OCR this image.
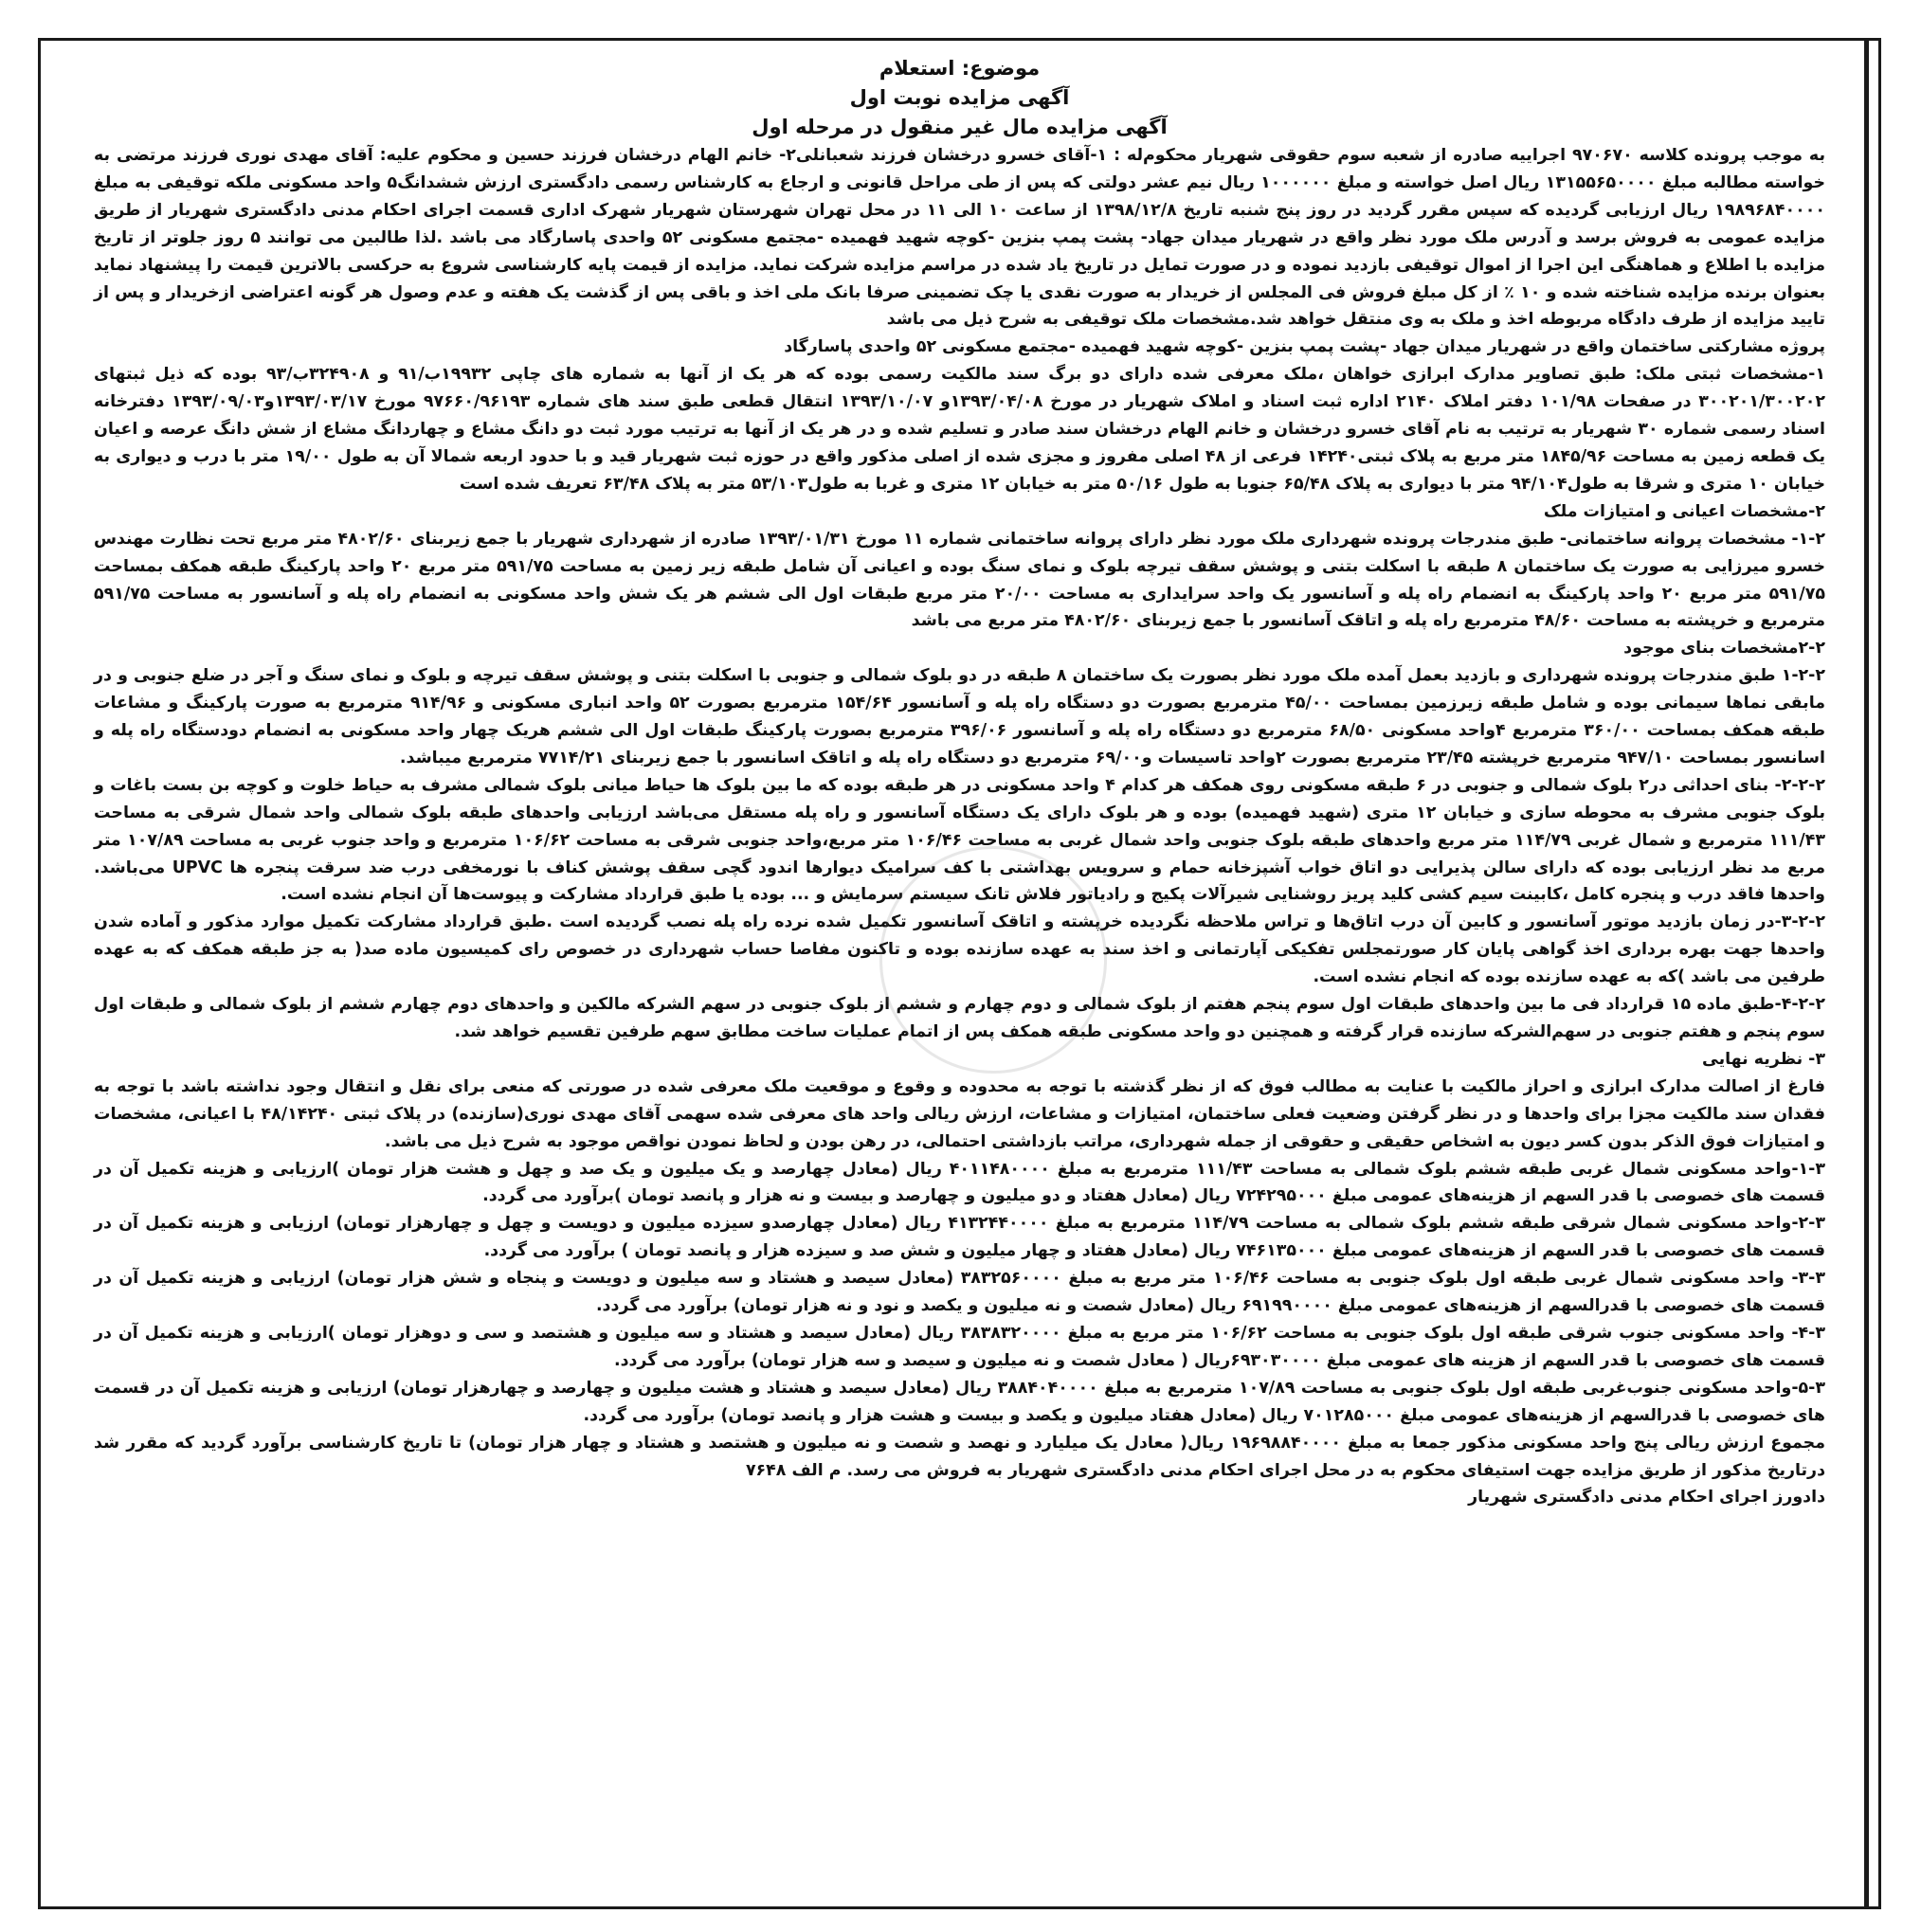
موضوع: استعلام

آگهی مزایده نوبت اول

آگهی مزایده مال غیر منقول در مرحله اول

به موجب پرونده کلاسه ۹۷۰۶۷۰ اجراییه صادره از شعبه سوم حقوقی شهریار محکوم‌له : ۱-آقای خسرو درخشان فرزند شعبانلی۲- خانم الهام درخشان فرزند حسین و محکوم علیه: آقای مهدی نوری فرزند مرتضی به خواسته مطالبه مبلغ ۱۳۱۵۵۶۵۰۰۰۰ ریال اصل خواسته و مبلغ ۱۰۰۰۰۰۰ ریال نیم عشر دولتی که پس از طی مراحل قانونی و ارجاع به کارشناس رسمی دادگستری ارزش ششدانگ۵ واحد مسکونی ملکه توقیفی به مبلغ ۱۹۸۹۶۸۴۰۰۰۰ ریال ارزیابی گردیده که سپس مقرر گردید در روز پنج شنبه تاریخ ۱۳۹۸/۱۲/۸ از ساعت ۱۰ الی ۱۱ در محل تهران شهرستان شهریار شهرک اداری قسمت اجرای احکام مدنی دادگستری شهریار از طریق مزایده عمومی به فروش برسد و آدرس ملک مورد نظر واقع در شهریار میدان جهاد- پشت پمپ بنزین -کوچه شهید فهمیده -مجتمع مسکونی ۵۲ واحدی پاسارگاد می باشد .لذا طالبین می توانند ۵ روز جلوتر از تاریخ مزایده با اطلاع و هماهنگی این اجرا از اموال توقیفی بازدید نموده و در صورت تمایل در تاریخ یاد شده در مراسم مزایده شرکت نماید. مزایده از قیمت پایه کارشناسی شروع به حرکسی بالاترین قیمت را پیشنهاد نماید بعنوان برنده مزایده شناخته شده و ۱۰ ٪ از کل مبلغ فروش فی المجلس از خریدار به صورت نقدی یا چک تضمینی صرفا بانک ملی اخذ و باقی پس از گذشت یک هفته و عدم وصول هر گونه اعتراضی ازخریدار و پس از تایید مزایده از طرف دادگاه مربوطه اخذ و ملک به وی منتقل خواهد شد.مشخصات ملک توقیفی به شرح ذیل می باشد

پروژه مشارکتی ساختمان واقع در شهریار میدان جهاد -پشت پمپ بنزین -کوچه شهید فهمیده -مجتمع مسکونی ۵۲ واحدی پاسارگاد

۱-مشخصات ثبتی ملک: طبق تصاویر مدارک ابرازی خواهان ،ملک معرفی شده دارای دو برگ سند مالکیت رسمی بوده که هر یک از آنها به شماره های چاپی ۱۹۹۳۲ب/۹۱ و ۳۲۴۹۰۸ب/۹۳ بوده که ذیل ثبتهای ۳۰۰۲۰۱/۳۰۰۲۰۲ در صفحات ۱۰۱/۹۸ دفتر املاک ۲۱۴۰ اداره ثبت اسناد و املاک شهریار در مورخ ۱۳۹۳/۰۴/۰۸و ۱۳۹۳/۱۰/۰۷ انتقال قطعی طبق سند های شماره ۹۷۶۶۰/۹۶۱۹۳ مورخ ۱۳۹۳/۰۳/۱۷و۱۳۹۳/۰۹/۰۳ دفترخانه اسناد رسمی شماره ۳۰ شهریار به ترتیب به نام آقای خسرو درخشان و خانم الهام درخشان سند صادر و تسلیم شده و در هر یک از آنها به ترتیب مورد ثبت دو دانگ مشاع و چهاردانگ مشاع از شش دانگ عرصه و اعیان یک قطعه زمین به مساحت ۱۸۴۵/۹۶ متر مربع به پلاک ثبتی۱۴۲۴۰ فرعی از ۴۸ اصلی مفروز و مجزی شده از اصلی مذکور واقع در حوزه ثبت شهریار قید و با حدود اربعه شمالا آن به طول ۱۹/۰۰ متر با درب و دیواری به خیابان ۱۰ متری و شرقا به طول۹۴/۱۰۴ متر با دیواری به پلاک ۶۵/۴۸ جنوبا به طول ۵۰/۱۶ متر به خیابان ۱۲ متری و غربا به طول۵۳/۱۰۳ متر به پلاک ۶۳/۴۸ تعریف شده است

۲-مشخصات اعیانی و امتیازات ملک

۱-۲- مشخصات پروانه ساختمانی- طبق مندرجات پرونده شهرداری ملک مورد نظر دارای پروانه ساختمانی شماره ۱۱ مورخ ۱۳۹۳/۰۱/۳۱ صادره از شهرداری شهریار با جمع زیربنای ۴۸۰۲/۶۰ متر مربع تحت نظارت مهندس خسرو میرزایی به صورت یک ساختمان ۸ طبقه با اسکلت بتنی و پوشش سقف تیرچه بلوک و نمای سنگ بوده و اعیانی آن شامل طبقه زیر زمین به مساحت ۵۹۱/۷۵ متر مربع ۲۰ واحد پارکینگ طبقه همکف بمساحت ۵۹۱/۷۵ متر مربع ۲۰ واحد پارکینگ به انضمام راه پله و آسانسور یک واحد سرایداری به مساحت ۲۰/۰۰ متر مربع طبقات اول الی ششم هر یک شش واحد مسکونی به انضمام راه پله و آسانسور به مساحت ۵۹۱/۷۵ مترمربع و خرپشته به مساحت ۴۸/۶۰ مترمربع راه پله و اتاقک آسانسور با جمع زیربنای ۴۸۰۲/۶۰ متر مربع می باشد

۲-۲مشخصات بنای موجود

۱-۲-۲ طبق مندرجات پرونده شهرداری و بازدید بعمل آمده ملک مورد نظر بصورت یک ساختمان ۸ طبقه در دو بلوک شمالی و جنوبی با اسکلت بتنی و پوشش سقف تیرچه و بلوک و نمای سنگ و آجر در ضلع جنوبی و در مابقی نماها سیمانی بوده و شامل طبقه زیرزمین بمساحت ۴۵/۰۰ مترمربع بصورت دو دستگاه راه پله و آسانسور ۱۵۴/۶۴ مترمربع بصورت ۵۲ واحد انباری مسکونی و ۹۱۴/۹۶ مترمربع به صورت پارکینگ و مشاعات طبقه همکف بمساحت ۳۶۰/۰۰ مترمربع ۴واحد مسکونی ۶۸/۵۰ مترمربع دو دستگاه راه پله و آسانسور ۳۹۶/۰۶ مترمربع بصورت پارکینگ طبقات اول الی ششم هریک چهار واحد مسکونی به انضمام دودستگاه راه پله و اسانسور بمساحت ۹۴۷/۱۰ مترمربع خرپشته ۲۳/۴۵ مترمربع بصورت ۲واحد تاسیسات و۶۹/۰۰ مترمربع دو دستگاه راه پله و اتاقک اسانسور با جمع زیربنای ۷۷۱۴/۲۱ مترمربع میباشد.

۲-۲-۲- بنای احداثی در۲ بلوک شمالی و جنوبی در ۶ طبقه مسکونی روی همکف هر کدام ۴ واحد مسکونی در هر طبقه بوده که ما بین بلوک ها حیاط میانی بلوک شمالی مشرف به حیاط خلوت و کوچه بن بست باغات و بلوک جنوبی مشرف به محوطه سازی و خیابان ۱۲ متری (شهید فهمیده) بوده و هر بلوک دارای یک دستگاه آسانسور و راه پله مستقل می‌باشد ارزیابی واحدهای طبقه بلوک شمالی واحد شمال شرقی به مساحت ۱۱۱/۴۳ مترمربع و شمال غربی ۱۱۴/۷۹ متر مربع واحدهای طبقه بلوک جنوبی واحد شمال غربی به مساحت ۱۰۶/۴۶ متر مربع،واحد جنوبی شرقی به مساحت ۱۰۶/۶۲ مترمربع و واحد جنوب غربی به مساحت ۱۰۷/۸۹ متر مربع مد نظر ارزیابی بوده که دارای سالن پذیرایی دو اتاق خواب آشپزخانه حمام و سرویس بهداشتی با کف سرامیک دیوارها اندود گچی سقف پوشش کناف با نورمخفی درب ضد سرقت پنجره ها UPVC می‌باشد. واحدها فاقد درب و پنجره کامل ،کابینت سیم کشی کلید پریز روشنایی شیرآلات پکیج و رادیاتور فلاش تانک سیستم سرمایش و ... بوده یا طبق قرارداد مشارکت و پیوست‌ها آن انجام نشده است.

۳-۲-۲-در زمان بازدید موتور آسانسور و کابین آن درب اتاق‌ها و تراس ملاحظه نگردیده خرپشته و اتاقک آسانسور تکمیل شده نرده راه پله نصب گردیده است .طبق قرارداد مشارکت تکمیل موارد مذکور و آماده شدن واحدها جهت بهره برداری اخذ گواهی پایان کار صورتمجلس تفکیکی آپارتمانی و اخذ سند به عهده سازنده بوده و تاکنون مفاصا حساب شهرداری در خصوص رای کمیسیون ماده صد( به جز طبقه همکف که به عهده طرفین می باشد )که به عهده سازنده بوده که انجام نشده است.

۴-۲-۲-طبق ماده ۱۵ قرارداد فی ما بین واحدهای طبقات اول سوم پنجم هفتم از بلوک شمالی و دوم چهارم و ششم از بلوک جنوبی در سهم الشرکه مالکین و واحدهای دوم چهارم ششم از بلوک شمالی و طبقات اول سوم پنجم و هفتم جنوبی در سهم‌الشرکه سازنده قرار گرفته و همچنین دو واحد مسکونی طبقه همکف پس از اتمام عملیات ساخت مطابق سهم طرفین تقسیم خواهد شد.

۳- نظریه نهایی

فارغ از اصالت مدارک ابرازی و احراز مالکیت با عنایت به مطالب فوق که از نظر گذشته با توجه به محدوده و وقوع و موقعیت ملک معرفی شده در صورتی که منعی برای نقل و انتقال وجود نداشته باشد با توجه به فقدان سند مالکیت مجزا برای واحدها و در نظر گرفتن وضعیت فعلی ساختمان، امتیازات و مشاعات، ارزش ریالی واحد های معرفی شده سهمی آقای مهدی نوری(سازنده) در پلاک ثبتی ۴۸/۱۴۲۴۰ با اعیانی، مشخصات و امتیازات فوق الذکر بدون کسر دیون به اشخاص حقیقی و حقوقی از جمله شهرداری، مراتب بازداشتی احتمالی، در رهن بودن و لحاظ نمودن نواقص موجود به شرح ذیل می باشد.

۱-۳-واحد مسکونی شمال غربی طبقه ششم بلوک شمالی به مساحت ۱۱۱/۴۳ مترمربع به مبلغ ۴۰۱۱۴۸۰۰۰۰ ریال (معادل چهارصد و یک میلیون و یک صد و چهل و هشت هزار تومان )ارزیابی و هزینه تکمیل آن در قسمت های خصوصی با قدر السهم از هزینه‌های عمومی مبلغ ۷۲۴۲۹۵۰۰۰ ریال (معادل هفتاد و دو میلیون و چهارصد و بیست و نه هزار و پانصد تومان )برآورد می گردد.

۲-۳-واحد مسکونی شمال شرقی طبقه ششم بلوک شمالی به مساحت ۱۱۴/۷۹ مترمربع به مبلغ ۴۱۳۲۴۴۰۰۰۰ ریال (معادل چهارصدو سیزده میلیون و دویست و چهل و چهارهزار تومان) ارزیابی و هزینه تکمیل آن در قسمت های خصوصی با قدر السهم از هزینه‌های عمومی مبلغ ۷۴۶۱۳۵۰۰۰ ریال (معادل هفتاد و چهار میلیون و شش صد و سیزده هزار و پانصد تومان ) برآورد می گردد.

۳-۳- واحد مسکونی شمال غربی طبقه اول بلوک جنوبی به مساحت ۱۰۶/۴۶ متر مربع به مبلغ ۳۸۳۲۵۶۰۰۰۰ (معادل سیصد و هشتاد و سه میلیون و دویست و پنجاه و شش هزار تومان) ارزیابی و هزینه تکمیل آن در قسمت های خصوصی با قدرالسهم از هزینه‌های عمومی مبلغ ۶۹۱۹۹۰۰۰۰ ریال (معادل شصت و نه میلیون و یکصد و نود و نه هزار تومان) برآورد می گردد.

۴-۳- واحد مسکونی جنوب شرقی طبقه اول بلوک جنوبی به مساحت ۱۰۶/۶۲ متر مربع به مبلغ ۳۸۳۸۳۲۰۰۰۰ ریال (معادل سیصد و هشتاد و سه میلیون و هشتصد و سی و دوهزار تومان )ارزیابی و هزینه تکمیل آن در قسمت های خصوصی با قدر السهم از هزینه های عمومی مبلغ ۶۹۳۰۳۰۰۰۰ریال ( معادل شصت و نه میلیون و سیصد و سه هزار تومان) برآورد می گردد.

۵-۳-واحد مسکونی جنوب‌غربی طبقه اول بلوک جنوبی به مساحت ۱۰۷/۸۹ مترمربع به مبلغ ۳۸۸۴۰۴۰۰۰۰ ریال (معادل سیصد و هشتاد و هشت میلیون و چهارصد و چهارهزار تومان) ارزیابی و هزینه تکمیل آن در قسمت های خصوصی با قدرالسهم از هزینه‌های عمومی مبلغ ۷۰۱۲۸۵۰۰۰ ریال (معادل هفتاد میلیون و یکصد و بیست و هشت هزار و پانصد تومان) برآورد می گردد.

مجموع ارزش ریالی پنج واحد مسکونی مذکور جمعا به مبلغ ۱۹۶۹۸۸۴۰۰۰۰ ریال( معادل یک میلیارد و نهصد و شصت و نه میلیون و هشتصد و هشتاد و چهار هزار تومان) تا تاریخ کارشناسی برآورد گردید که مقرر شد درتاریخ مذکور از طریق مزایده جهت استیفای محکوم به در محل اجرای احکام مدنی دادگستری شهریار به فروش می رسد. م الف ۷۶۴۸

دادورز اجرای احکام مدنی دادگستری شهریار
